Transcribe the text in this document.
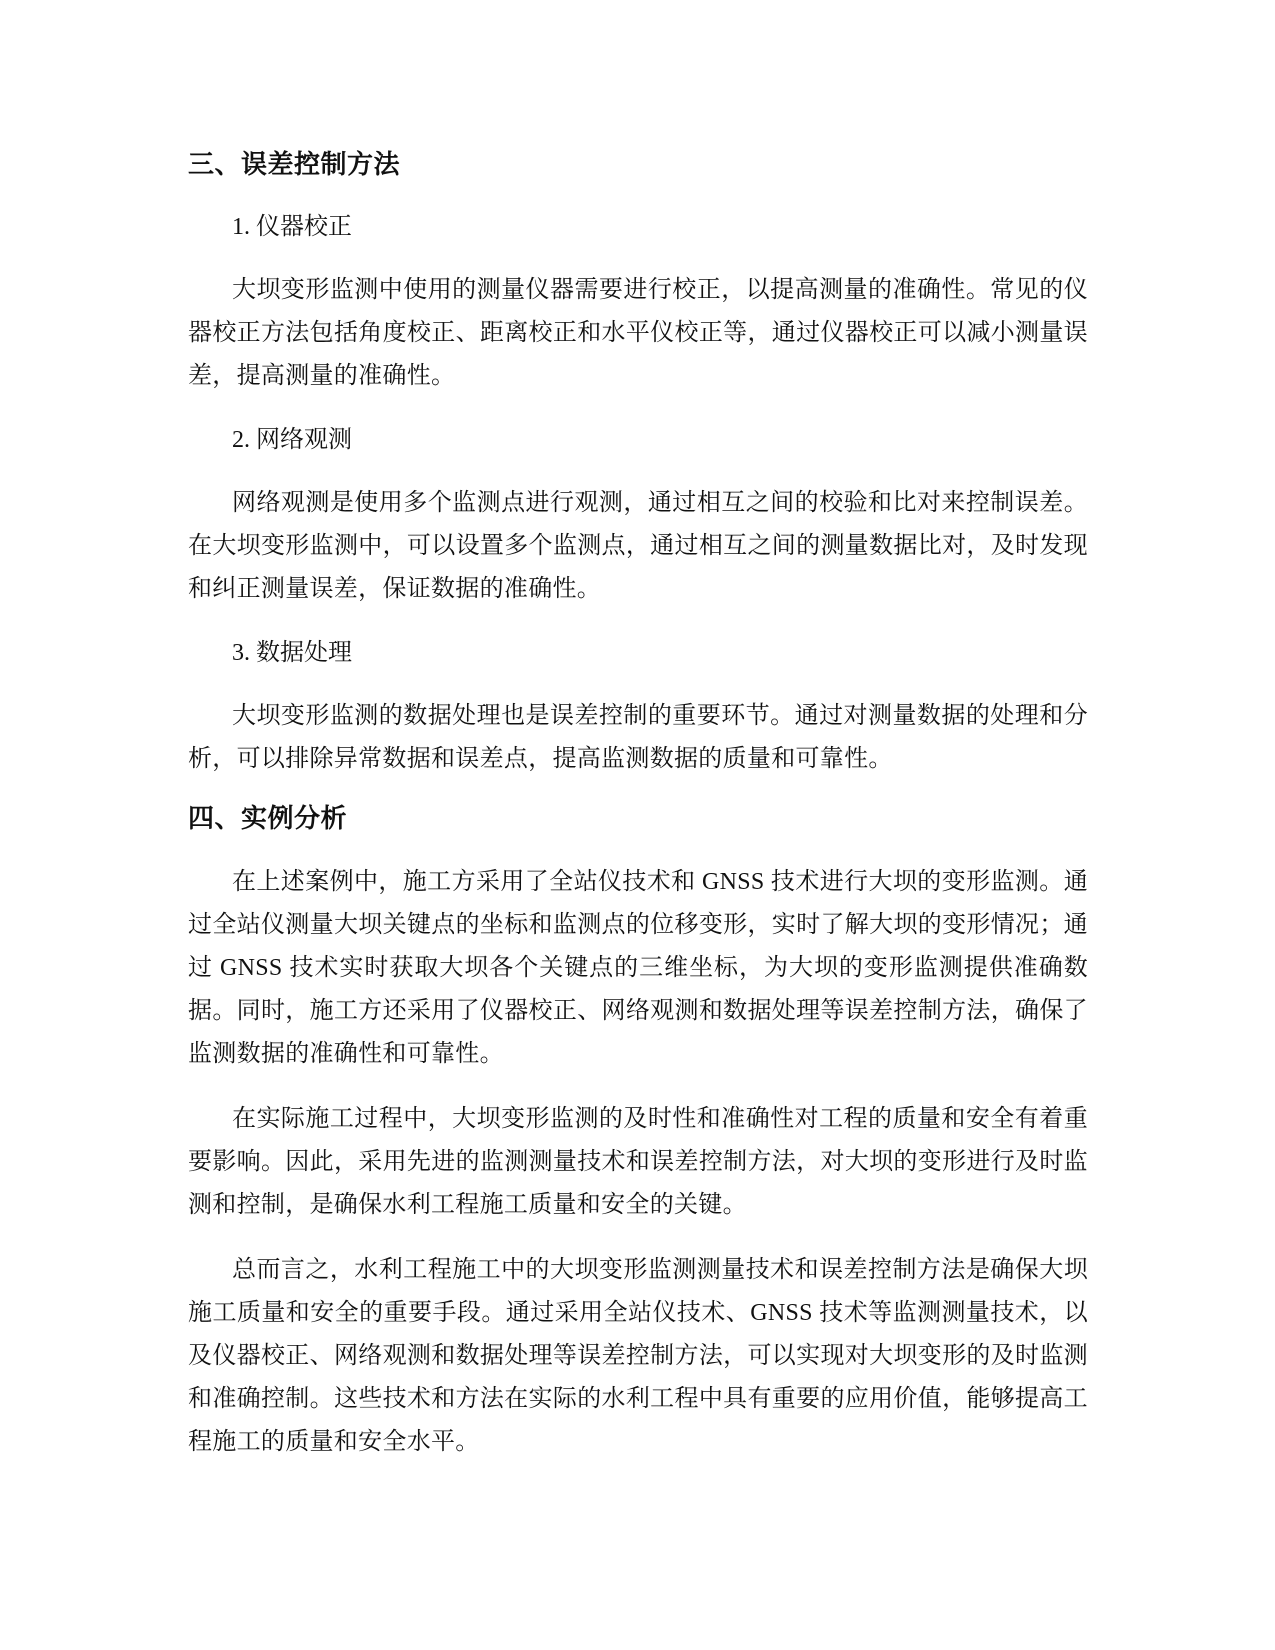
三、误差控制方法

1. 仪器校正

大坝变形监测中使用的测量仪器需要进行校正，以提高测量的准确性。常见的仪器校正方法包括角度校正、距离校正和水平仪校正等，通过仪器校正可以减小测量误差，提高测量的准确性。

2. 网络观测

网络观测是使用多个监测点进行观测，通过相互之间的校验和比对来控制误差。在大坝变形监测中，可以设置多个监测点，通过相互之间的测量数据比对，及时发现和纠正测量误差，保证数据的准确性。

3. 数据处理

大坝变形监测的数据处理也是误差控制的重要环节。通过对测量数据的处理和分析，可以排除异常数据和误差点，提高监测数据的质量和可靠性。

四、实例分析

在上述案例中，施工方采用了全站仪技术和 GNSS 技术进行大坝的变形监测。通过全站仪测量大坝关键点的坐标和监测点的位移变形，实时了解大坝的变形情况；通过 GNSS 技术实时获取大坝各个关键点的三维坐标，为大坝的变形监测提供准确数据。同时，施工方还采用了仪器校正、网络观测和数据处理等误差控制方法，确保了监测数据的准确性和可靠性。

在实际施工过程中，大坝变形监测的及时性和准确性对工程的质量和安全有着重要影响。因此，采用先进的监测测量技术和误差控制方法，对大坝的变形进行及时监测和控制，是确保水利工程施工质量和安全的关键。

总而言之，水利工程施工中的大坝变形监测测量技术和误差控制方法是确保大坝施工质量和安全的重要手段。通过采用全站仪技术、GNSS 技术等监测测量技术，以及仪器校正、网络观测和数据处理等误差控制方法，可以实现对大坝变形的及时监测和准确控制。这些技术和方法在实际的水利工程中具有重要的应用价值，能够提高工程施工的质量和安全水平。
